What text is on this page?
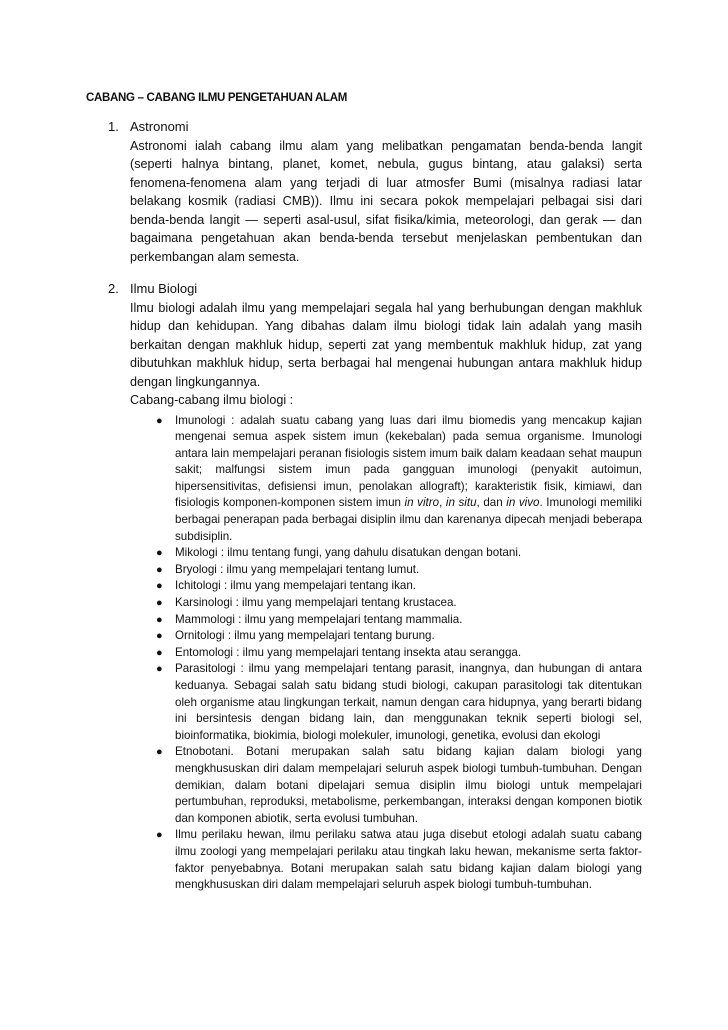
CABANG – CABANG ILMU PENGETAHUAN ALAM
1. Astronomi

Astronomi ialah cabang ilmu alam yang melibatkan pengamatan benda-benda langit (seperti halnya bintang, planet, komet, nebula, gugus bintang, atau galaksi) serta fenomena-fenomena alam yang terjadi di luar atmosfer Bumi (misalnya radiasi latar belakang kosmik (radiasi CMB)). Ilmu ini secara pokok mempelajari pelbagai sisi dari benda-benda langit — seperti asal-usul, sifat fisika/kimia, meteorologi, dan gerak — dan bagaimana pengetahuan akan benda-benda tersebut menjelaskan pembentukan dan perkembangan alam semesta.

2. Ilmu Biologi

Ilmu biologi adalah ilmu yang mempelajari segala hal yang berhubungan dengan makhluk hidup dan kehidupan. Yang dibahas dalam ilmu biologi tidak lain adalah yang masih berkaitan dengan makhluk hidup, seperti zat yang membentuk makhluk hidup, zat yang dibutuhkan makhluk hidup, serta berbagai hal mengenai hubungan antara makhluk hidup dengan lingkungannya.

Cabang-cabang ilmu biologi :
● Imunologi : adalah suatu cabang yang luas dari ilmu biomedis yang mencakup kajian mengenai semua aspek sistem imun (kekebalan) pada semua organisme. Imunologi antara lain mempelajari peranan fisiologis sistem imum baik dalam keadaan sehat maupun sakit; malfungsi sistem imun pada gangguan imunologi (penyakit autoimun, hipersensitivitas, defisiensi imun, penolakan allograft); karakteristik fisik, kimiawi, dan fisiologis komponen-komponen sistem imun in vitro, in situ, dan in vivo. Imunologi memiliki berbagai penerapan pada berbagai disiplin ilmu dan karenanya dipecah menjadi beberapa subdisiplin.
● Mikologi : ilmu tentang fungi, yang dahulu disatukan dengan botani.
● Bryologi : ilmu yang mempelajari tentang lumut.
● Ichitologi : ilmu yang mempelajari tentang ikan.
● Karsinologi : ilmu yang mempelajari tentang krustacea.
● Mammologi : ilmu yang mempelajari tentang mammalia.
● Ornitologi : ilmu yang mempelajari tentang burung.
● Entomologi : ilmu yang mempelajari tentang insekta atau serangga.
● Parasitologi : ilmu yang mempelajari tentang parasit, inangnya, dan hubungan di antara keduanya. Sebagai salah satu bidang studi biologi, cakupan parasitologi tak ditentukan oleh organisme atau lingkungan terkait, namun dengan cara hidupnya, yang berarti bidang ini bersintesis dengan bidang lain, dan menggunakan teknik seperti biologi sel, bioinformatika, biokimia, biologi molekuler, imunologi, genetika, evolusi dan ekologi
● Etnobotani. Botani merupakan salah satu bidang kajian dalam biologi yang mengkhususkan diri dalam mempelajari seluruh aspek biologi tumbuh-tumbuhan. Dengan demikian, dalam botani dipelajari semua disiplin ilmu biologi untuk mempelajari pertumbuhan, reproduksi, metabolisme, perkembangan, interaksi dengan komponen biotik dan komponen abiotik, serta evolusi tumbuhan.
● Ilmu perilaku hewan, ilmu perilaku satwa atau juga disebut etologi adalah suatu cabang ilmu zoologi yang mempelajari perilaku atau tingkah laku hewan, mekanisme serta faktor-faktor penyebabnya. Botani merupakan salah satu bidang kajian dalam biologi yang mengkhususkan diri dalam mempelajari seluruh aspek biologi tumbuh-tumbuhan.
